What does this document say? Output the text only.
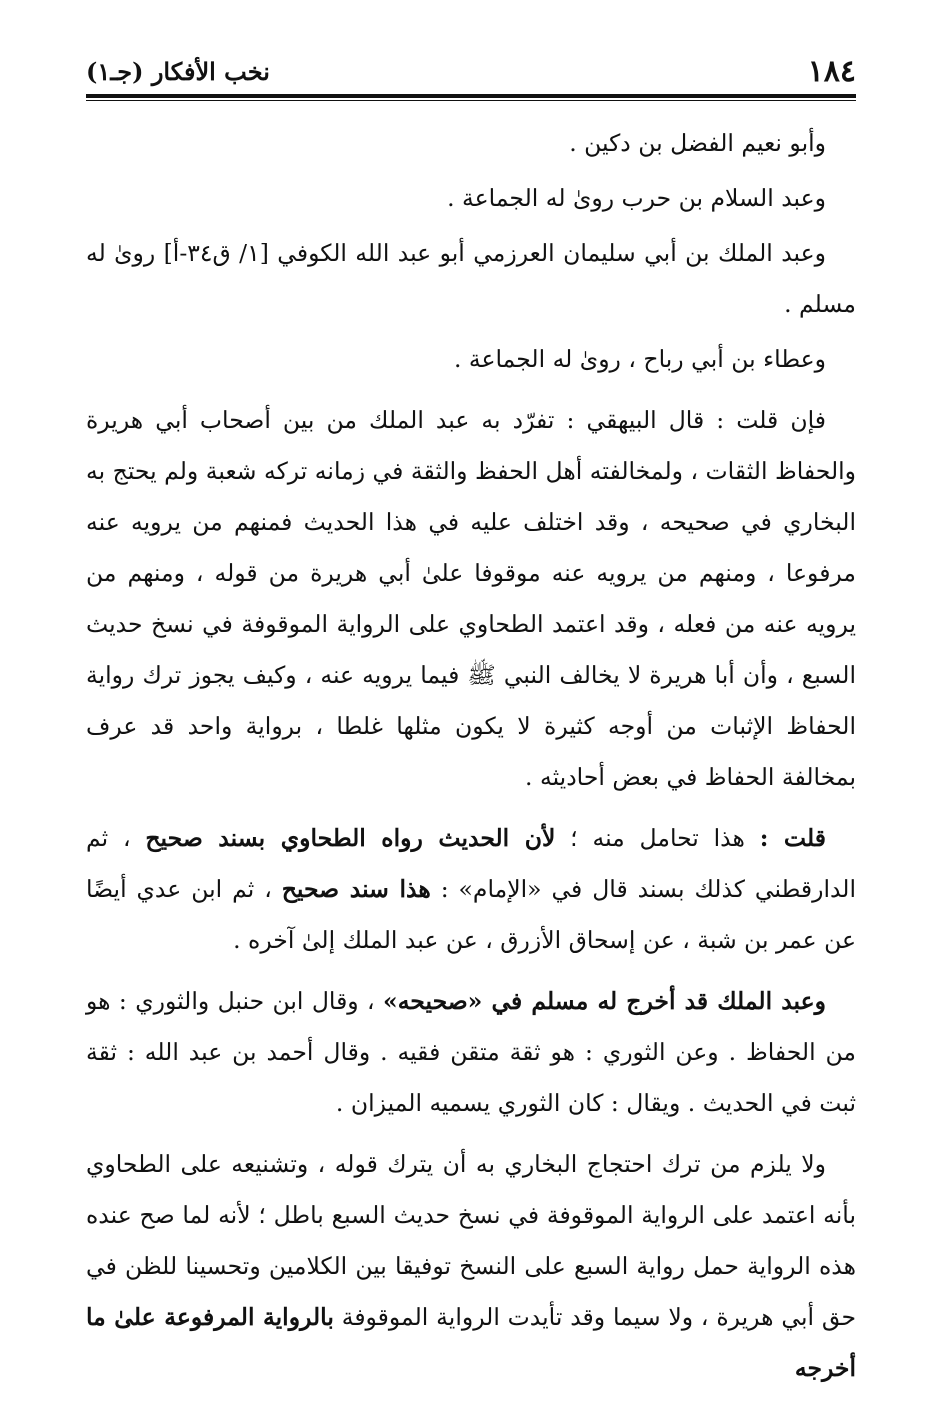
١٨٤
نخب الأفكار (جـ١)

وأبو نعيم الفضل بن دكين .

وعبد السلام بن حرب روىٰ له الجماعة .

وعبد الملك بن أبي سليمان العرزمي أبو عبد الله الكوفي [١/ ق٣٤-أ] روىٰ له مسلم .

وعطاء بن أبي رباح ، روىٰ له الجماعة .

فإن قلت : قال البيهقي : تفرّد به عبد الملك من بين أصحاب أبي هريرة والحفاظ الثقات ، ولمخالفته أهل الحفظ والثقة في زمانه تركه شعبة ولم يحتج به البخاري في صحيحه ، وقد اختلف عليه في هذا الحديث فمنهم من يرويه عنه مرفوعا ، ومنهم من يرويه عنه موقوفا علىٰ أبي هريرة من قوله ، ومنهم من يرويه عنه من فعله ، وقد اعتمد الطحاوي على الرواية الموقوفة في نسخ حديث السبع ، وأن أبا هريرة لا يخالف النبي ﷺ فيما يرويه عنه ، وكيف يجوز ترك رواية الحفاظ الإثبات من أوجه كثيرة لا يكون مثلها غلطا ، برواية واحد قد عرف بمخالفة الحفاظ في بعض أحاديثه .

قلت : هذا تحامل منه ؛ لأن الحديث رواه الطحاوي بسند صحيح ، ثم الدارقطني كذلك بسند قال في «الإمام» : هذا سند صحيح ، ثم ابن عدي أيضًا عن عمر بن شبة ، عن إسحاق الأزرق ، عن عبد الملك إلىٰ آخره .

وعبد الملك قد أخرج له مسلم في «صحيحه» ، وقال ابن حنبل والثوري : هو من الحفاظ . وعن الثوري : هو ثقة متقن فقيه . وقال أحمد بن عبد الله : ثقة ثبت في الحديث . ويقال : كان الثوري يسميه الميزان .

ولا يلزم من ترك احتجاج البخاري به أن يترك قوله ، وتشنيعه على الطحاوي بأنه اعتمد على الرواية الموقوفة في نسخ حديث السبع باطل ؛ لأنه لما صح عنده هذه الرواية حمل رواية السبع على النسخ توفيقا بين الكلامين وتحسينا للظن في حق أبي هريرة ، ولا سيما وقد تأيدت الرواية الموقوفة بالرواية المرفوعة علىٰ ما أخرجه
